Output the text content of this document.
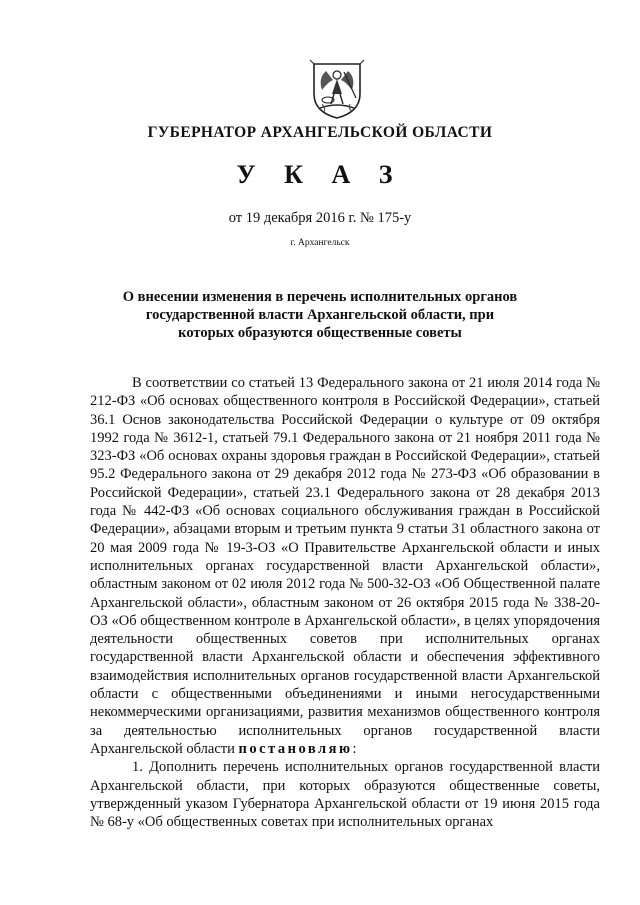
ГУБЕРНАТОР АРХАНГЕЛЬСКОЙ ОБЛАСТИ
У К А З
от 19 декабря 2016 г. № 175-у
г. Архангельск
О внесении изменения в перечень исполнительных органов государственной власти Архангельской области, при которых образуются общественные советы

В соответствии со статьей 13 Федерального закона от 21 июля 2014 года № 212-ФЗ «Об основах общественного контроля в Российской Федерации», статьей 36.1 Основ законодательства Российской Федерации о культуре от 09 октября 1992 года № 3612-1, статьей 79.1 Федерального закона от 21 ноября 2011 года № 323-ФЗ «Об основах охраны здоровья граждан в Российской Федерации», статьей 95.2 Федерального закона от 29 декабря 2012 года № 273-ФЗ «Об образовании в Российской Федерации», статьей 23.1 Федерального закона от 28 декабря 2013 года № 442-ФЗ «Об основах социального обслуживания граждан в Российской Федерации», абзацами вторым и третьим пункта 9 статьи 31 областного закона от 20 мая 2009 года № 19-3-ОЗ «О Правительстве Архангельской области и иных исполнительных органах государственной власти Архангельской области», областным законом от 02 июля 2012 года № 500-32-ОЗ «Об Общественной палате Архангельской области», областным законом от 26 октября 2015 года № 338-20-ОЗ «Об общественном контроле в Архангельской области», в целях упорядочения деятельности общественных советов при исполнительных органах государственной власти Архангельской области и обеспечения эффективного взаимодействия исполнительных органов государственной власти Архангельской области с общественными объединениями и иными негосударственными некоммерческими организациями, развития механизмов общественного контроля за деятельностью исполнительных органов государственной власти Архангельской области постановляю:

1. Дополнить перечень исполнительных органов государственной власти Архангельской области, при которых образуются общественные советы, утвержденный указом Губернатора Архангельской области от 19 июня 2015 года № 68-у «Об общественных советах при исполнительных органах
